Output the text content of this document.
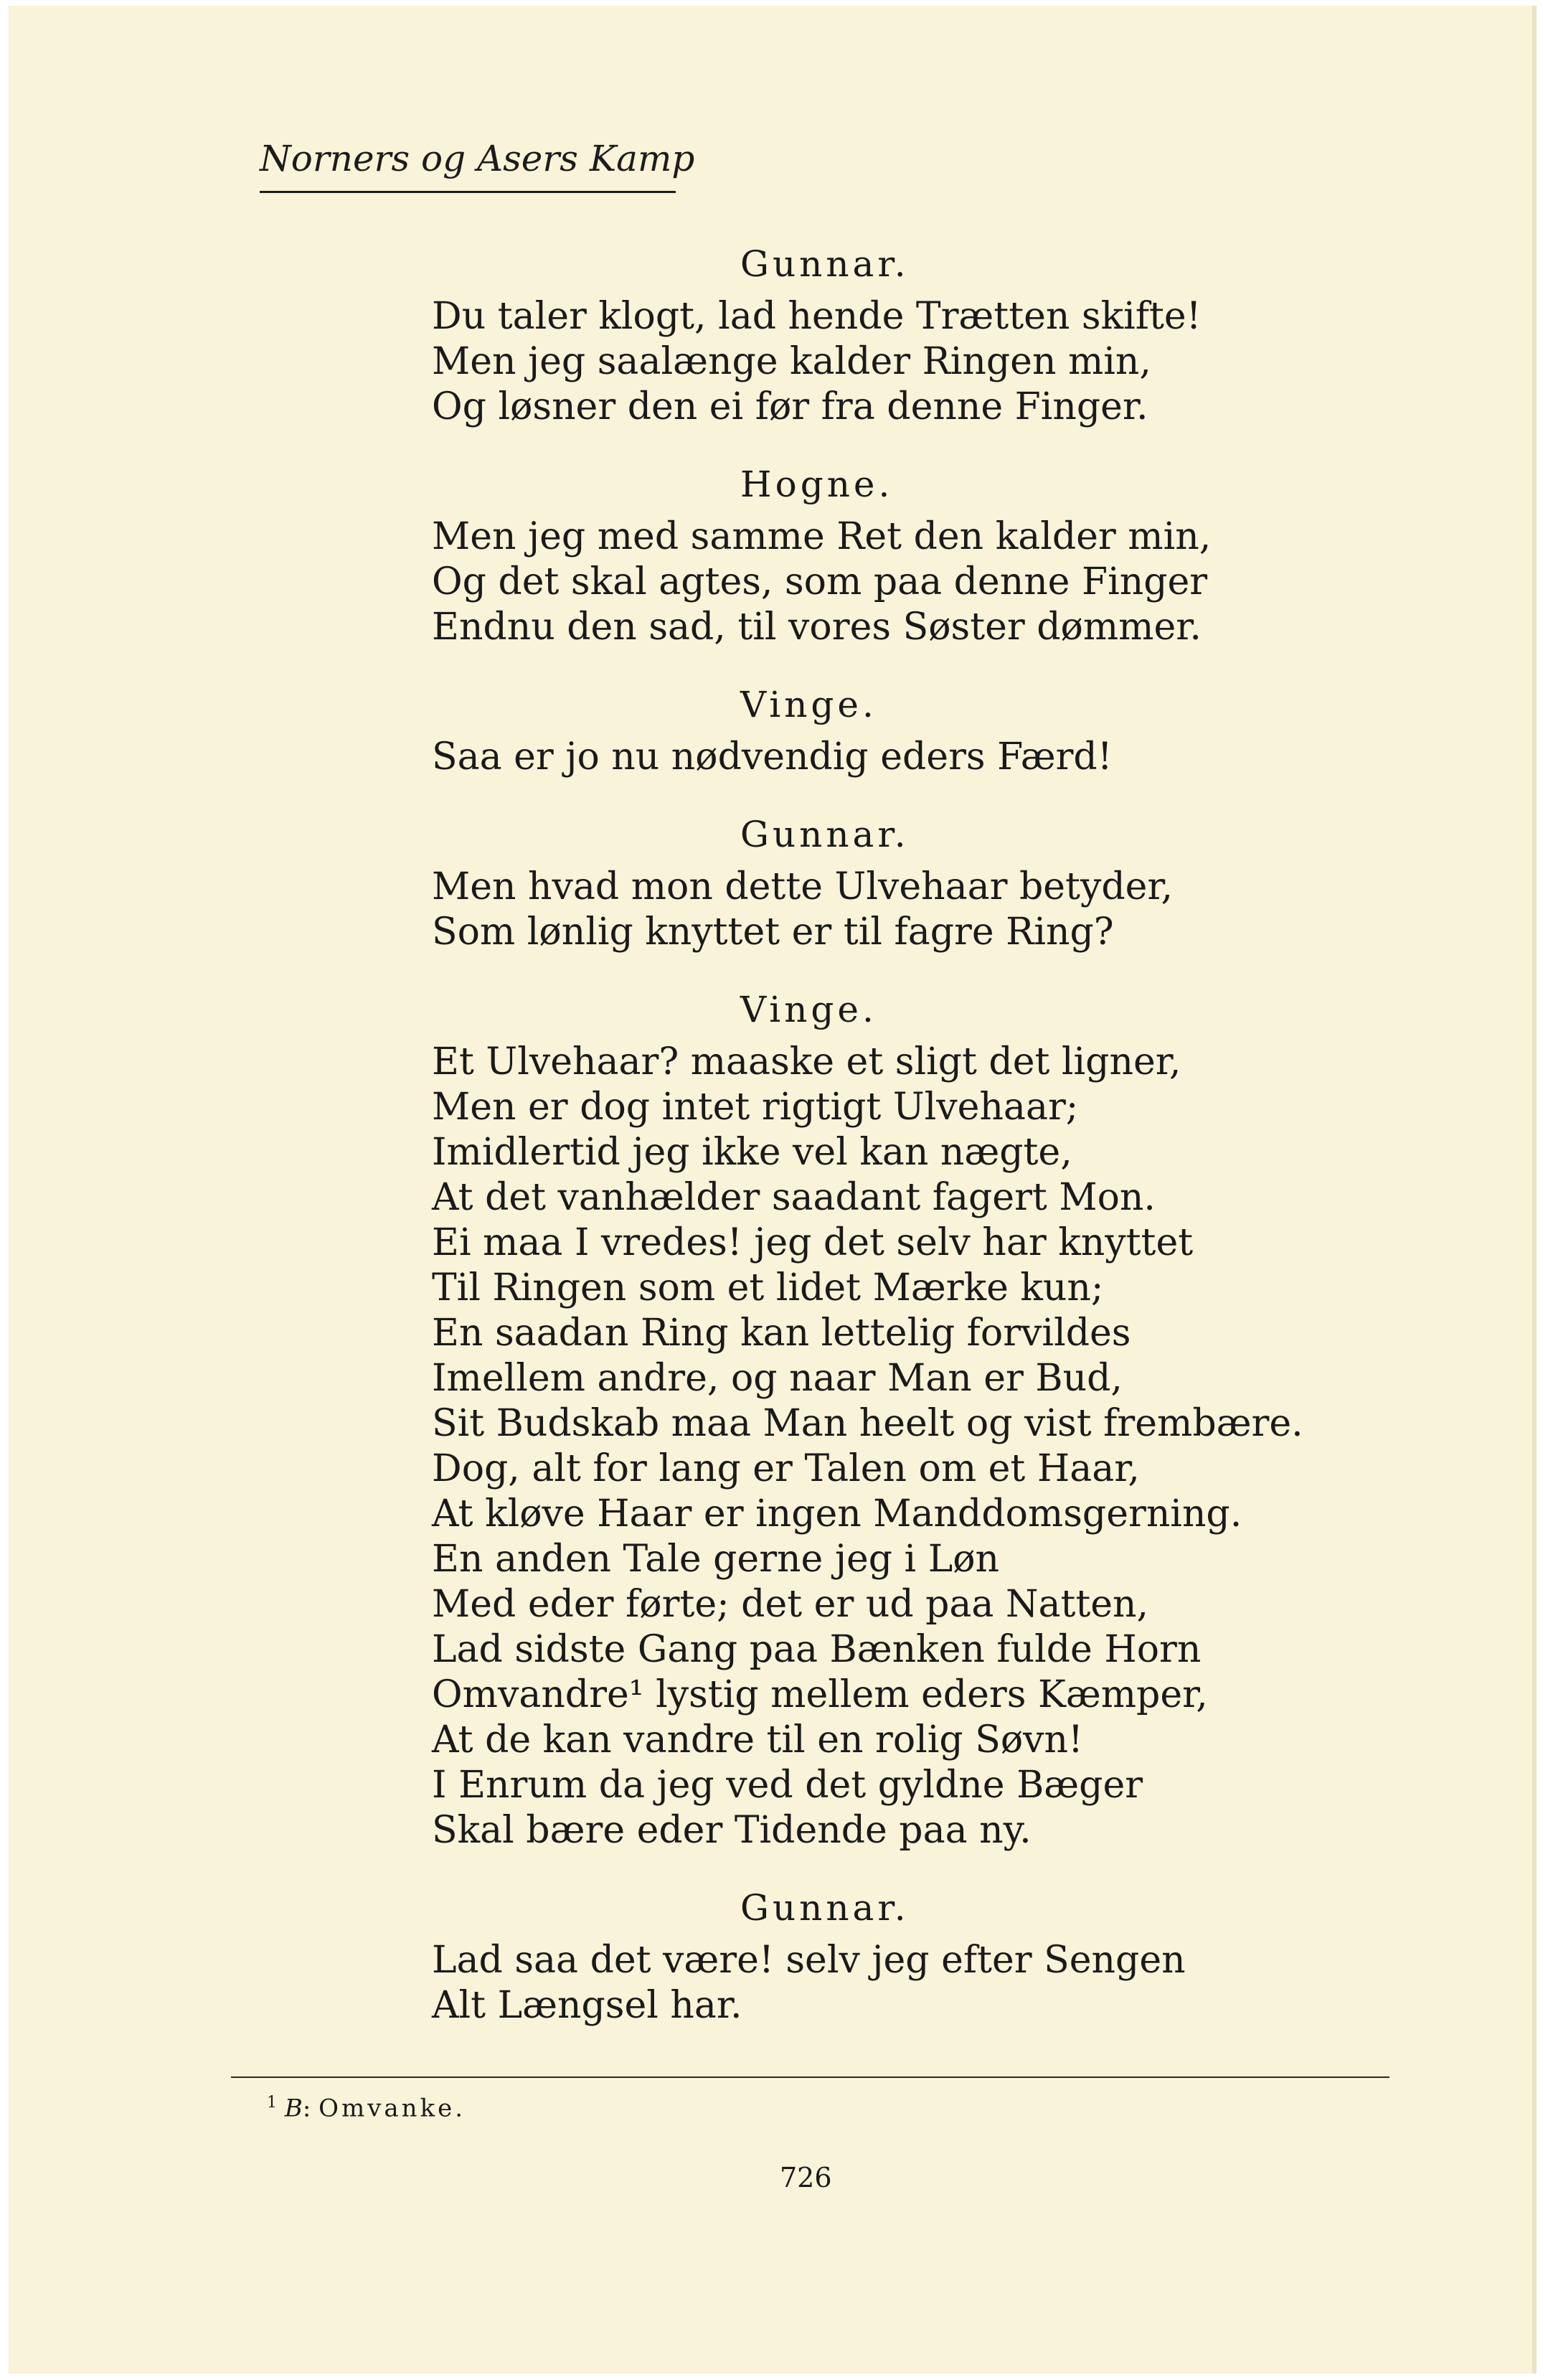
Norners og Asers Kamp
Gunnar.
Du taler klogt, lad hende Trætten skifte!
Men jeg saalænge kalder Ringen min,
Og løsner den ei før fra denne Finger.
Hogne.
Men jeg med samme Ret den kalder min,
Og det skal agtes, som paa denne Finger
Endnu den sad, til vores Søster dømmer.
Vinge.
Saa er jo nu nødvendig eders Færd!
Gunnar.
Men hvad mon dette Ulvehaar betyder,
Som lønlig knyttet er til fagre Ring?
Vinge.
Et Ulvehaar? maaske et sligt det ligner,
Men er dog intet rigtigt Ulvehaar;
Imidlertid jeg ikke vel kan nægte,
At det vanhælder saadant fagert Mon.
Ei maa I vredes! jeg det selv har knyttet
Til Ringen som et lidet Mærke kun;
En saadan Ring kan lettelig forvildes
Imellem andre, og naar Man er Bud,
Sit Budskab maa Man heelt og vist frembære.
Dog, alt for lang er Talen om et Haar,
At kløve Haar er ingen Manddomsgerning.
En anden Tale gerne jeg i Løn
Med eder førte; det er ud paa Natten,
Lad sidste Gang paa Bænken fulde Horn
Omvandre¹ lystig mellem eders Kæmper,
At de kan vandre til en rolig Søvn!
I Enrum da jeg ved det gyldne Bæger
Skal bære eder Tidende paa ny.
Gunnar.
Lad saa det være! selv jeg efter Sengen
Alt Længsel har.
$^1$ B: Omvanke.
726
